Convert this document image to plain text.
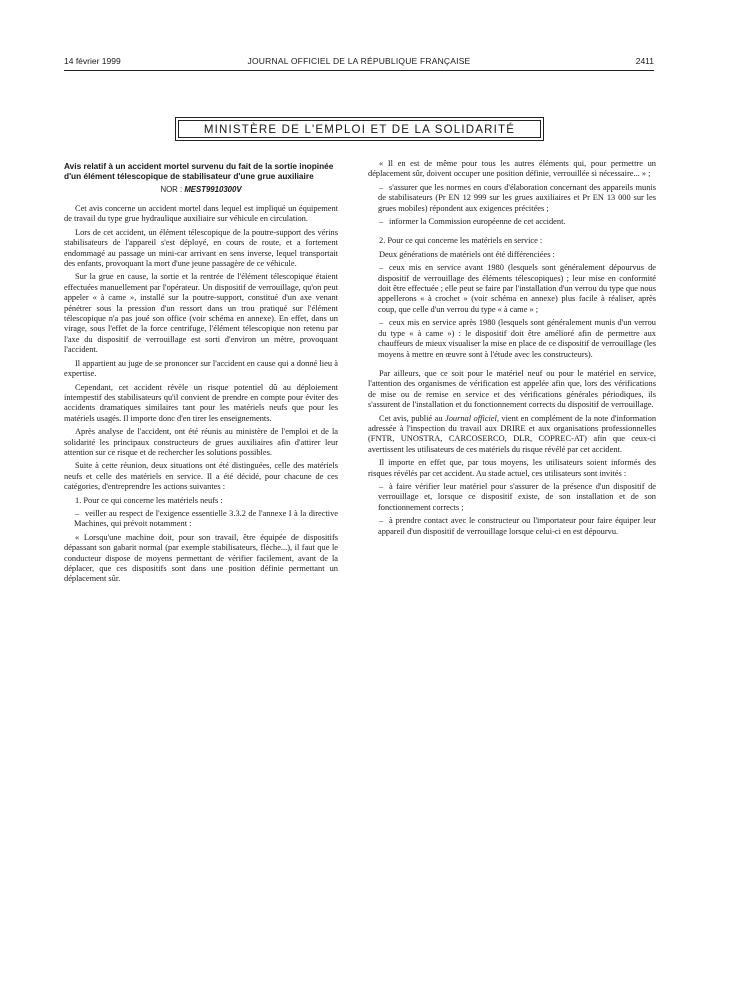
14 février 1999	JOURNAL OFFICIEL DE LA RÉPUBLIQUE FRANÇAISE	2411
MINISTÈRE DE L'EMPLOI ET DE LA SOLIDARITÉ

Avis relatif à un accident mortel survenu du fait de la sortie inopinée d'un élément télescopique de stabilisateur d'une grue auxiliaire

NOR : MEST9910300V

Cet avis concerne un accident mortel dans lequel est impliqué un équipement de travail du type grue hydraulique auxiliaire sur véhicule en circulation.

Lors de cet accident, un élément télescopique de la poutre-support des vérins stabilisateurs de l'appareil s'est déployé, en cours de route, et a fortement endommagé au passage un mini-car arrivant en sens inverse, lequel transportait des enfants, provoquant la mort d'une jeune passagère de ce véhicule.

Sur la grue en cause, la sortie et la rentrée de l'élément télescopique étaient effectuées manuellement par l'opérateur. Un dispositif de verrouillage, qu'on peut appeler « à came », installé sur la poutre-support, constitué d'un axe venant pénétrer sous la pression d'un ressort dans un trou pratiqué sur l'élément télescopique n'a pas joué son office (voir schéma en annexe). En effet, dans un virage, sous l'effet de la force centrifuge, l'élément télescopique non retenu par l'axe du dispositif de verrouillage est sorti d'environ un mètre, provoquant l'accident.

Il appartient au juge de se prononcer sur l'accident en cause qui a donné lieu à expertise.

Cependant, cet accident révèle un risque potentiel dû au déploiement intempestif des stabilisateurs qu'il convient de prendre en compte pour éviter des accidents dramatiques similaires tant pour les matériels neufs que pour les matériels usagés. Il importe donc d'en tirer les enseignements.

Après analyse de l'accident, ont été réunis au ministère de l'emploi et de la solidarité les principaux constructeurs de grues auxiliaires afin d'attirer leur attention sur ce risque et de rechercher les solutions possibles.

Suite à cette réunion, deux situations ont été distinguées, celle des matériels neufs et celle des matériels en service. Il a été décidé, pour chacune de ces catégories, d'entreprendre les actions suivantes :

1. Pour ce qui concerne les matériels neufs :

– veiller au respect de l'exigence essentielle 3.3.2 de l'annexe I à la directive Machines, qui prévoit notamment :

« Lorsqu'une machine doit, pour son travail, être équipée de dispositifs dépassant son gabarit normal (par exemple stabilisateurs, flèche...), il faut que le conducteur dispose de moyens permettant de vérifier facilement, avant de la déplacer, que ces dispositifs sont dans une position définie permettant un déplacement sûr.

« Il en est de même pour tous les autres éléments qui, pour permettre un déplacement sûr, doivent occuper une position définie, verrouillée si nécessaire... » ;

– s'assurer que les normes en cours d'élaboration concernant des appareils munis de stabilisateurs (Pr EN 12 999 sur les grues auxiliaires et Pr EN 13 000 sur les grues mobiles) répondent aux exigences précitées ;

– informer la Commission européenne de cet accident.

2. Pour ce qui concerne les matériels en service :

Deux générations de matériels ont été différenciées :

– ceux mis en service avant 1980 (lesquels sont généralement dépourvus de dispositif de verrouillage des éléments télescopiques) ; leur mise en conformité doit être effectuée ; elle peut se faire par l'installation d'un verrou du type que nous appellerons « à crochet » (voir schéma en annexe) plus facile à réaliser, après coup, que celle d'un verrou du type « à came » ;

– ceux mis en service après 1980 (lesquels sont généralement munis d'un verrou du type « à came ») : le dispositif doit être amélioré afin de permettre aux chauffeurs de mieux visualiser la mise en place de ce dispositif de verrouillage (les moyens à mettre en œuvre sont à l'étude avec les constructeurs).

Par ailleurs, que ce soit pour le matériel neuf ou pour le matériel en service, l'attention des organismes de vérification est appelée afin que, lors des vérifications de mise ou de remise en service et des vérifications générales périodiques, ils s'assurent de l'installation et du fonctionnement corrects du dispositif de verrouillage.

Cet avis, publié au Journal officiel, vient en complément de la note d'information adressée à l'inspection du travail aux DRIRE et aux organisations professionnelles (FNTR, UNOSTRA, CARCOSERCO, DLR, COPREC-AT) afin que ceux-ci avertissent les utilisateurs de ces matériels du risque révélé par cet accident.

Il importe en effet que, par tous moyens, les utilisateurs soient informés des risques révélés par cet accident. Au stade actuel, ces utilisateurs sont invités :

– à faire vérifier leur matériel pour s'assurer de la présence d'un dispositif de verrouillage et, lorsque ce dispositif existe, de son installation et de son fonctionnement corrects ;

– à prendre contact avec le constructeur ou l'importateur pour faire équiper leur appareil d'un dispositif de verrouillage lorsque celui-ci en est dépourvu.
